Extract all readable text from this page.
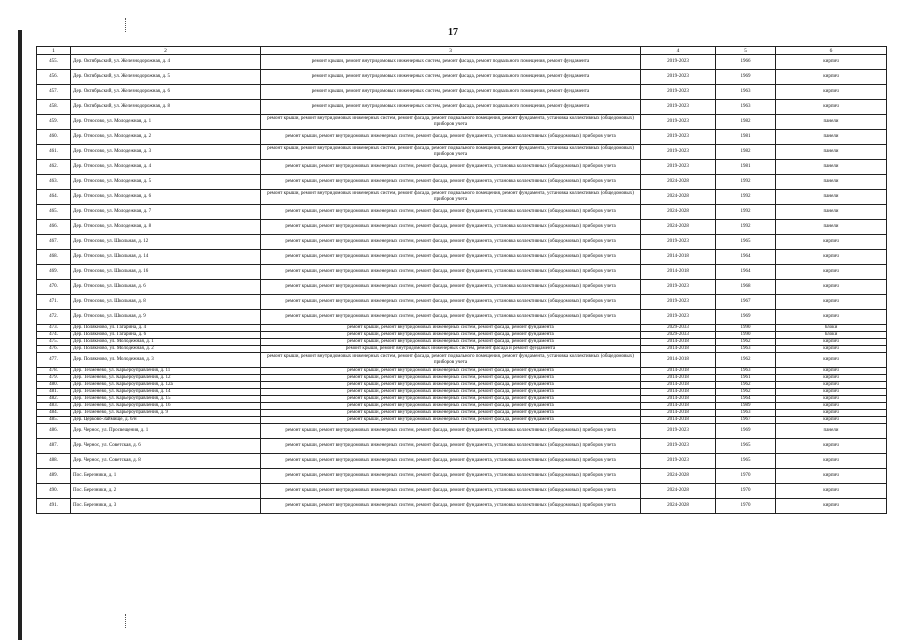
17
1	2	3	4	5	6
455.	Дер. Октябрьский, ул. Железнодорожная, д. 4	ремонт крыши, ремонт внутридомовых инженерных систем, ремонт фасада, ремонт подвального помещения, ремонт фундамента	2019-2023	1966	кирпич
456.	Дер. Октябрьский, ул. Железнодорожная, д. 5	ремонт крыши, ремонт внутридомовых инженерных систем, ремонт фасада, ремонт подвального помещения, ремонт фундамента	2019-2023	1969	кирпич
457.	Дер. Октябрьский, ул. Железнодорожная, д. 6	ремонт крыши, ремонт внутридомовых инженерных систем, ремонт фасада, ремонт подвального помещения, ремонт фундамента	2019-2023	1963	кирпич
458.	Дер. Октябрьский, ул. Железнодорожная, д. 8	ремонт крыши, ремонт внутридомовых инженерных систем, ремонт фасада, ремонт подвального помещения, ремонт фундамента	2019-2023	1963	кирпич
459.	Дер. Относово, ул. Молодежная, д. 1	ремонт крыши, ремонт внутридомовых инженерных систем, ремонт фасада, ремонт подвального помещения, ремонт фундамента, установка коллективных (общедомовых) приборов учета	2019-2023	1982	панели
460.	Дер. Относово, ул. Молодежная, д. 2	ремонт крыши, ремонт внутридомовых инженерных систем, ремонт фасада, ремонт фундамента, установка коллективных (общедомовых) приборов учета	2019-2023	1981	панели
461.	Дер. Относово, ул. Молодежная, д. 3	ремонт крыши, ремонт внутридомовых инженерных систем, ремонт фасада, ремонт подвального помещения, ремонт фундамента, установка коллективных (общедомовых) приборов учета	2019-2023	1982	панели
462.	Дер. Относово, ул. Молодежная, д. 4	ремонт крыши, ремонт внутридомовых инженерных систем, ремонт фасада, ремонт фундамента, установка коллективных (общедомовых) приборов учета	2019-2023	1981	панели
463.	Дер. Относово, ул. Молодежная, д. 5	ремонт крыши, ремонт внутридомовых инженерных систем, ремонт фасада, ремонт фундамента, установка коллективных (общедомовых) приборов учета	2024-2028	1992	панели
464.	Дер. Относово, ул. Молодежная, д. 6	ремонт крыши, ремонт внутридомовых инженерных систем, ремонт фасада, ремонт подвального помещения, ремонт фундамента, установка коллективных (общедомовых) приборов учета	2024-2028	1992	панели
465.	Дер. Относово, ул. Молодежная, д. 7	ремонт крыши, ремонт внутридомовых инженерных систем, ремонт фасада, ремонт фундамента, установка коллективных (общедомовых) приборов учета	2024-2028	1992	панели
466.	Дер. Относово, ул. Молодежная, д. 8	ремонт крыши, ремонт внутридомовых инженерных систем, ремонт фасада, ремонт фундамента, установка коллективных (общедомовых) приборов учета	2024-2028	1992	панели
467.	Дер. Относово, ул. Школьная, д. 12	ремонт крыши, ремонт внутридомовых инженерных систем, ремонт фасада, ремонт фундамента, установка коллективных (общедомовых) приборов учета	2019-2023	1965	кирпич
468.	Дер. Относово, ул. Школьная, д. 14	ремонт крыши, ремонт внутридомовых инженерных систем, ремонт фасада, ремонт фундамента, установка коллективных (общедомовых) приборов учета	2014-2018	1964	кирпич
469.	Дер. Относово, ул. Школьная, д. 16	ремонт крыши, ремонт внутридомовых инженерных систем, ремонт фасада, ремонт фундамента, установка коллективных (общедомовых) приборов учета	2014-2018	1964	кирпич
470.	Дер. Относово, ул. Школьная, д. 6	ремонт крыши, ремонт внутридомовых инженерных систем, ремонт фасада, ремонт фундамента, установка коллективных (общедомовых) приборов учета	2019-2023	1968	кирпич
471.	Дер. Относово, ул. Школьная, д. 8	ремонт крыши, ремонт внутридомовых инженерных систем, ремонт фасада, ремонт фундамента, установка коллективных (общедомовых) приборов учета	2019-2023	1967	кирпич
472.	Дер. Относово, ул. Школьная, д. 9	ремонт крыши, ремонт внутридомовых инженерных систем, ремонт фасада, ремонт фундамента, установка коллективных (общедомовых) приборов учета	2019-2023	1969	кирпич
473.	Дер. Полякново, ул. Гагарина, д. 4	ремонт крыши, ремонт внутридомовых инженерных систем, ремонт фасада, ремонт фундамента	2029-2033	1990	блоки
474.	Дер. Полякново, ул. Гагарина, д. 6	ремонт крыши, ремонт внутридомовых инженерных систем, ремонт фасада, ремонт фундамента	2029-2033	1990	блоки
475.	Дер. Полякново, ул. Молодежная, д. 1	ремонт крыши, ремонт внутридомовых инженерных систем, ремонт фасада, ремонт фундамента	2014-2018	1962	кирпич
476.	Дер. Полякново, ул. Молодежная, д. 2	ремонт крыши, ремонт внутридомовых инженерных систем, ремонт фасада и ремонт фундамента	2014-2018	1963	кирпич
477.	Дер. Полякново, ул. Молодежная, д. 3	ремонт крыши, ремонт внутридомовых инженерных систем, ремонт фасада, ремонт подвального помещения, ремонт фундамента, установка коллективных (общедомовых) приборов учета	2014-2018	1962	кирпич
478.	Дер. Техменево, ул. Карьероуправления, д. 11	ремонт крыши, ремонт внутридомовых инженерных систем, ремонт фасада, ремонт фундамента	2014-2018	1963	кирпич
479.	Дер. Техменево, ул. Карьероуправления, д. 12	ремонт крыши, ремонт внутридомовых инженерных систем, ремонт фасада, ремонт фундамента	2014-2018	1961	кирпич
480.	Дер. Техменево, ул. Карьероуправления, д. 12а	ремонт крыши, ремонт внутридомовых инженерных систем, ремонт фасада, ремонт фундамента	2014-2018	1962	кирпич
481.	Дер. Техменево, ул. Карьероуправления, д. 14	ремонт крыши, ремонт внутридомовых инженерных систем, ремонт фасада, ремонт фундамента	2014-2018	1962	кирпич
482.	Дер. Техменево, ул. Карьероуправления, д. 15	ремонт крыши, ремонт внутридомовых инженерных систем, ремонт фасада, ремонт фундамента	2014-2018	1964	кирпич
483.	Дер. Техменево, ул. Карьероуправления, д. 16	ремонт крыши, ремонт внутридомовых инженерных систем, ремонт фасада, ремонт фундамента	2014-2018	1989	кирпич
484.	Дер. Техменево, ул. Карьероуправления, д. 9	ремонт крыши, ремонт внутридомовых инженерных систем, ремонт фасада, ремонт фундамента	2014-2018	1963	кирпич
485.	Дер. Церково-Займище, д. 6/н	ремонт крыши, ремонт внутридомовых инженерных систем, ремонт фасада, ремонт фундамента	2014-2018	1967	кирпич
486.	Дер. Чернос, ул. Просвещения, д. 1	ремонт крыши, ремонт внутридомовых инженерных систем, ремонт фасада, ремонт фундамента, установка коллективных (общедомовых) приборов учета	2019-2023	1969	панели
487.	Дер. Чернос, ул. Советская, д. 6	ремонт крыши, ремонт внутридомовых инженерных систем, ремонт фасада, ремонт фундамента, установка коллективных (общедомовых) приборов учета	2019-2023	1965	кирпич
488.	Дер. Чернос, ул. Советская, д. 8	ремонт крыши, ремонт внутридомовых инженерных систем, ремонт фасада, ремонт фундамента, установка коллективных (общедомовых) приборов учета	2019-2023	1965	кирпич
489.	Пос. Березники, д. 1	ремонт крыши, ремонт внутридомовых инженерных систем, ремонт фасада, ремонт фундамента, установка коллективных (общедомовых) приборов учета	2024-2028	1970	кирпич
490.	Пос. Березники, д. 2	ремонт крыши, ремонт внутридомовых инженерных систем, ремонт фасада, ремонт фундамента, установка коллективных (общедомовых) приборов учета	2024-2028	1970	кирпич
491.	Пос. Березники, д. 3	ремонт крыши, ремонт внутридомовых инженерных систем, ремонт фасада, ремонт фундамента, установка коллективных (общедомовых) приборов учета	2024-2028	1970	кирпич
